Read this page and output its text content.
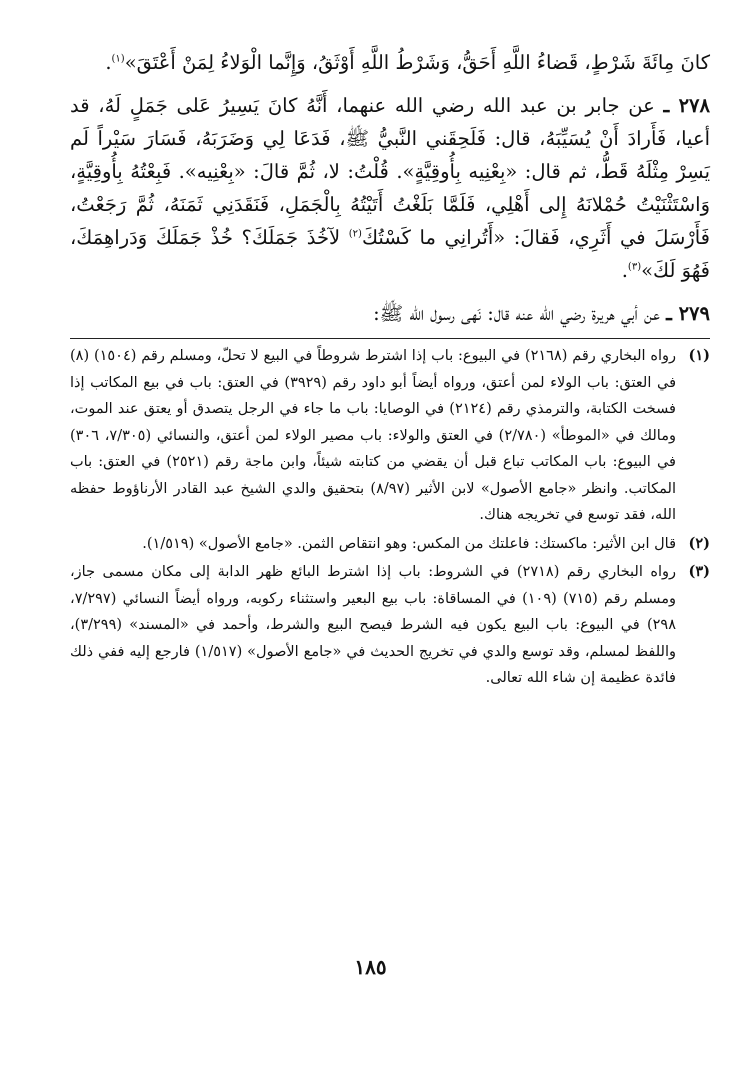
كانَ مِائَةَ شَرْطٍ، قَضاءُ اللَّهِ أَحَقُّ، وَشَرْطُ اللَّهِ أَوْثَقُ، وَإِنَّما الْوَلاءُ لِمَنْ أَعْتَقَ»$^{(١)}$.

٢٧٨ ـ عن جابر بن عبد الله رضي الله عنهما، أَنَّهُ كانَ يَسِيرُ عَلى جَمَلٍ لَهُ، قد أعيا، فَأَرادَ أَنْ يُسَيِّبَهُ، قال: فَلَحِقَني النَّبيُّ ﷺ، فَدَعَا لِي وَضَرَبَهُ، فَسَارَ سَيْراً لَم يَسِرْ مِثْلَهُ قَطُّ، ثم قال: «بِعْنِيه بِأُوقِيَّةٍ». قُلْتُ: لا، ثُمَّ قالَ: «بِعْنِيه». فَبِعْتُهُ بِأُوقِيَّةٍ، وَاسْتَثْنَيْتُ حُمْلانَهُ إِلى أَهْلِي، فَلَمَّا بَلَغْتُ أَتَيْتُهُ بِالْجَمَلِ، فَنَقَدَنِي ثَمَنَهُ، ثُمَّ رَجَعْتُ، فَأَرْسَلَ في أَثَرِي، فَقالَ: «أَتُرانِي ما كَسْتُكَ$^{(٢)}$ لآخُذَ جَمَلَكَ؟ خُذْ جَمَلَكَ وَدَراهِمَكَ، فَهُوَ لَكَ»$^{(٣)}$.

٢٧٩ ـ عن أبي هريرة رضي الله عنه قال: نَهى رسول الله ﷺ:

(١)
رواه البخاري رقم (٢١٦٨) في البيوع: باب إذا اشترط شروطاً في البيع لا تحلّ، ومسلم رقم (١٥٠٤) (٨) في العتق: باب الولاء لمن أعتق، ورواه أيضاً أبو داود رقم (٣٩٢٩) في العتق: باب في بيع المكاتب إذا فسخت الكتابة، والترمذي رقم (٢١٢٤) في الوصايا: باب ما جاء في الرجل يتصدق أو يعتق عند الموت، ومالك في «الموطأ» (٢/٧٨٠) في العتق والولاء: باب مصير الولاء لمن أعتق، والنسائي (٧/٣٠٥، ٣٠٦) في البيوع: باب المكاتب تباع قبل أن يقضي من كتابته شيئاً، وابن ماجة رقم (٢٥٢١) في العتق: باب المكاتب. وانظر «جامع الأصول» لابن الأثير (٨/٩٧) بتحقيق والدي الشيخ عبد القادر الأرناؤوط حفظه الله، فقد توسع في تخريجه هناك.

(٢)
قال ابن الأثير: ماكستك: فاعلتك من المكس: وهو انتقاص الثمن. «جامع الأصول» (١/٥١٩).

(٣)
رواه البخاري رقم (٢٧١٨) في الشروط: باب إذا اشترط البائع ظهر الدابة إلى مكان مسمى جاز، ومسلم رقم (٧١٥) (١٠٩) في المساقاة: باب بيع البعير واستثناء ركوبه، ورواه أيضاً النسائي (٧/٢٩٧، ٢٩٨) في البيوع: باب البيع يكون فيه الشرط فيصح البيع والشرط، وأحمد في «المسند» (٣/٢٩٩)، واللفظ لمسلم، وقد توسع والدي في تخريج الحديث في «جامع الأصول» (١/٥١٧) فارجع إليه ففي ذلك فائدة عظيمة إن شاء الله تعالى.

١٨٥
